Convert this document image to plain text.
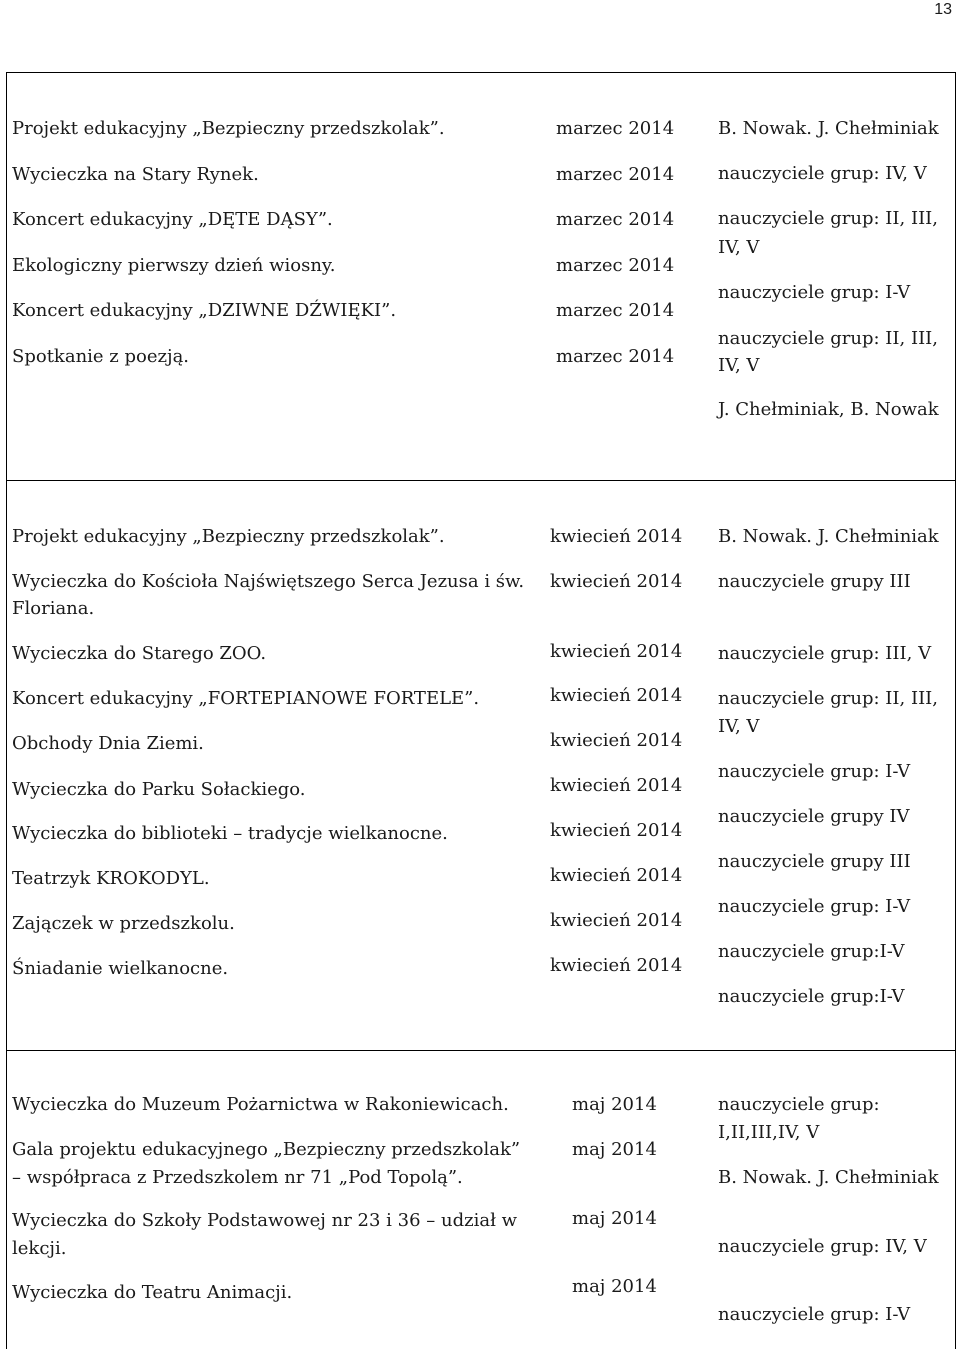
13
Projekt edukacyjny „Bezpieczny przedszkolak”.
Wycieczka na Stary Rynek.
Koncert edukacyjny „DĘTE DĄSY”.
Ekologiczny pierwszy dzień wiosny.
Koncert edukacyjny „DZIWNE DŹWIĘKI”.
Spotkanie z poezją.
marzec 2014
marzec 2014
marzec 2014
marzec 2014
marzec 2014
marzec 2014
B. Nowak. J. Chełminiak
nauczyciele grup: IV, V
nauczyciele grup: II, III,
IV, V
nauczyciele grup: I-V
nauczyciele grup: II, III,
IV, V
J. Chełminiak, B. Nowak
Projekt edukacyjny „Bezpieczny przedszkolak”.
Wycieczka do Kościoła Najświętszego Serca Jezusa i św.
Floriana.
Wycieczka do Starego ZOO.
Koncert edukacyjny „FORTEPIANOWE FORTELE”.
Obchody Dnia Ziemi.
Wycieczka do Parku Sołackiego.
Wycieczka do biblioteki – tradycje wielkanocne.
Teatrzyk KROKODYL.
Zajączek w przedszkolu.
Śniadanie wielkanocne.
kwiecień 2014
kwiecień 2014
kwiecień 2014
kwiecień 2014
kwiecień 2014
kwiecień 2014
kwiecień 2014
kwiecień 2014
kwiecień 2014
kwiecień 2014
B. Nowak. J. Chełminiak
nauczyciele grupy III
nauczyciele grup: III, V
nauczyciele grup: II, III,
IV, V
nauczyciele grup: I-V
nauczyciele grupy IV
nauczyciele grupy III
nauczyciele grup: I-V
nauczyciele grup:I-V
nauczyciele grup:I-V
Wycieczka do Muzeum Pożarnictwa w Rakoniewicach.
Gala projektu edukacyjnego „Bezpieczny przedszkolak”
– współpraca z Przedszkolem nr 71 „Pod Topolą”.
Wycieczka do Szkoły Podstawowej nr 23 i 36 – udział w
lekcji.
Wycieczka do Teatru Animacji.
maj 2014
maj 2014
maj 2014
maj 2014
nauczyciele grup:
I,II,III,IV, V
B. Nowak. J. Chełminiak
nauczyciele grup: IV, V
nauczyciele grup: I-V
